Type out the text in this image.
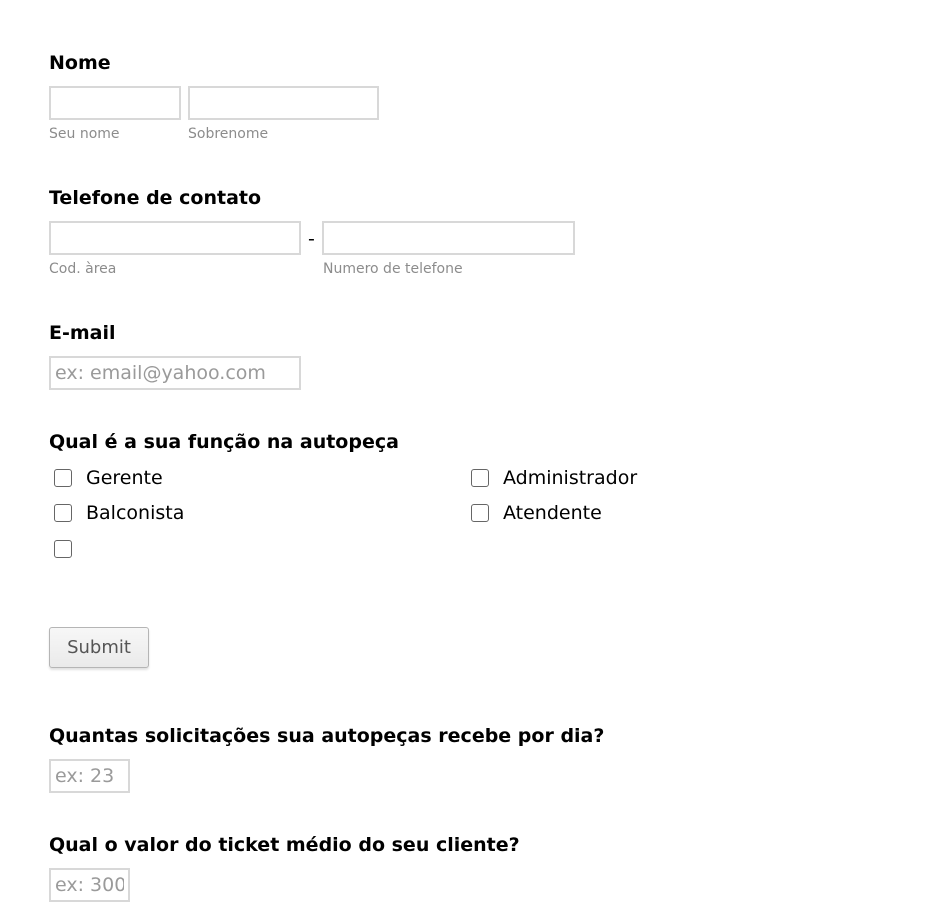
Nome
Seu nome	Sobrenome
Telefone de contato
-
Cod. àrea	Numero de telefone
E-mail
ex: email@yahoo.com
Qual é a sua função na autopeça
Gerente	Administrador
Balconista	Atendente
Submit
Quantas solicitações sua autopeças recebe por dia?
ex: 23
Qual o valor do ticket médio do seu cliente?
ex: 300
